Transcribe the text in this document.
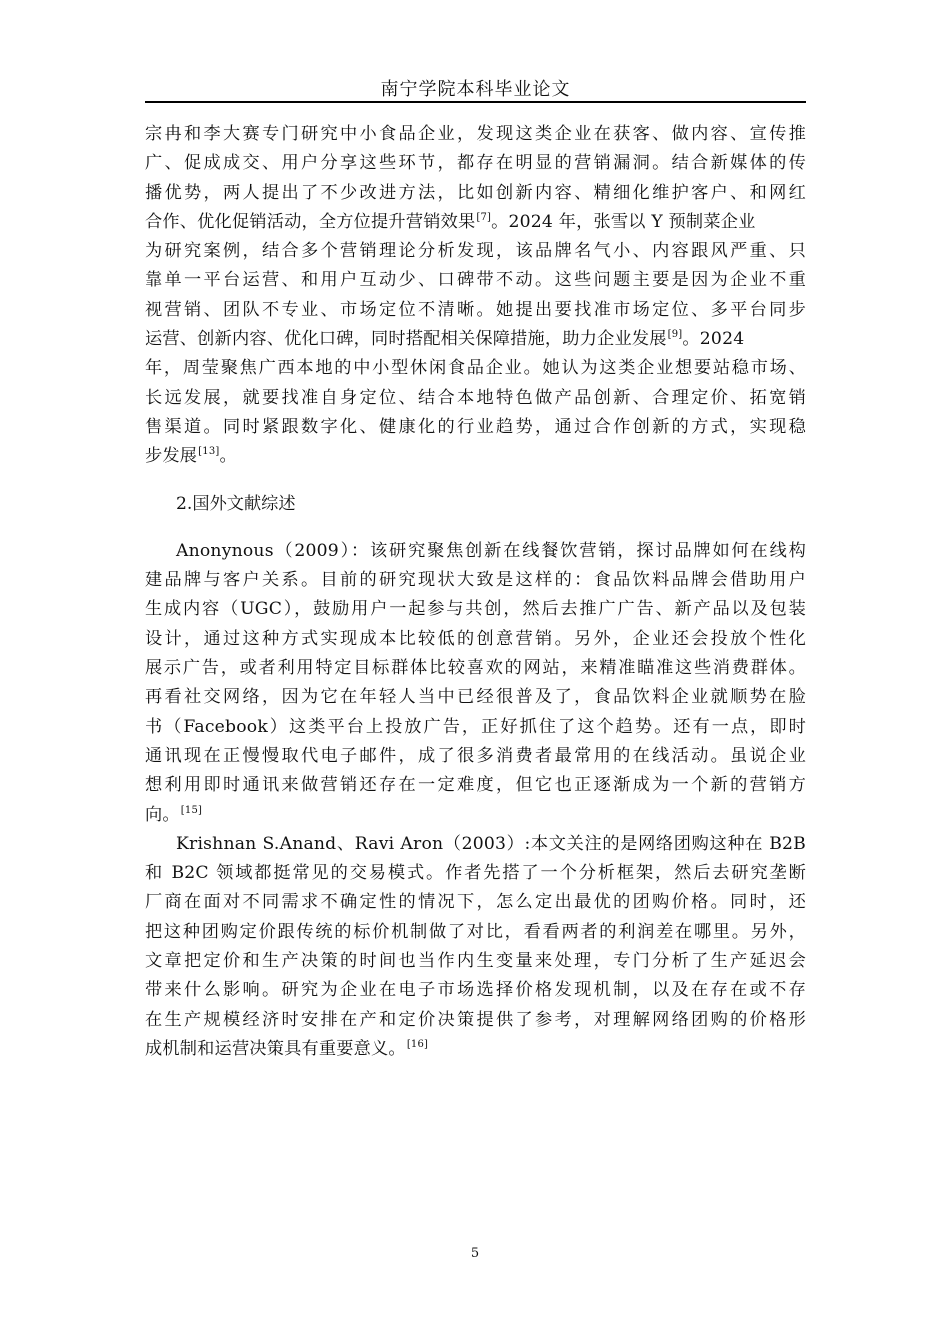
南宁学院本科毕业论文
宗冉和李大赛专门研究中小食品企业，发现这类企业在获客、做内容、宣传推
广、促成成交、用户分享这些环节，都存在明显的营销漏洞。结合新媒体的传
播优势，两人提出了不少改进方法，比如创新内容、精细化维护客户、和网红
合作、优化促销活动，全方位提升营销效果[7]。2024 年，张雪以 Y 预制菜企业
为研究案例，结合多个营销理论分析发现，该品牌名气小、内容跟风严重、只
靠单一平台运营、和用户互动少、口碑带不动。这些问题主要是因为企业不重
视营销、团队不专业、市场定位不清晰。她提出要找准市场定位、多平台同步
运营、创新内容、优化口碑，同时搭配相关保障措施，助力企业发展[9]。2024
年，周莹聚焦广西本地的中小型休闲食品企业。她认为这类企业想要站稳市场、
长远发展，就要找准自身定位、结合本地特色做产品创新、合理定价、拓宽销
售渠道。同时紧跟数字化、健康化的行业趋势，通过合作创新的方式，实现稳
步发展[13]。
2.国外文献综述
Anonynous（2009）：该研究聚焦创新在线餐饮营销，探讨品牌如何在线构
建品牌与客户关系。目前的研究现状大致是这样的：食品饮料品牌会借助用户
生成内容（UGC），鼓励用户一起参与共创，然后去推广广告、新产品以及包装
设计，通过这种方式实现成本比较低的创意营销。另外，企业还会投放个性化
展示广告，或者利用特定目标群体比较喜欢的网站，来精准瞄准这些消费群体。
再看社交网络，因为它在年轻人当中已经很普及了，食品饮料企业就顺势在脸
书（Facebook）这类平台上投放广告，正好抓住了这个趋势。还有一点，即时
通讯现在正慢慢取代电子邮件，成了很多消费者最常用的在线活动。虽说企业
想利用即时通讯来做营销还存在一定难度，但它也正逐渐成为一个新的营销方
向。[15]
Krishnan S.Anand、Ravi Aron（2003）:本文关注的是网络团购这种在 B2B
和 B2C 领域都挺常见的交易模式。作者先搭了一个分析框架，然后去研究垄断
厂商在面对不同需求不确定性的情况下，怎么定出最优的团购价格。同时，还
把这种团购定价跟传统的标价机制做了对比，看看两者的利润差在哪里。另外，
文章把定价和生产决策的时间也当作内生变量来处理，专门分析了生产延迟会
带来什么影响。研究为企业在电子市场选择价格发现机制，以及在存在或不存
在生产规模经济时安排在产和定价决策提供了参考，对理解网络团购的价格形
成机制和运营决策具有重要意义。[16]
5
